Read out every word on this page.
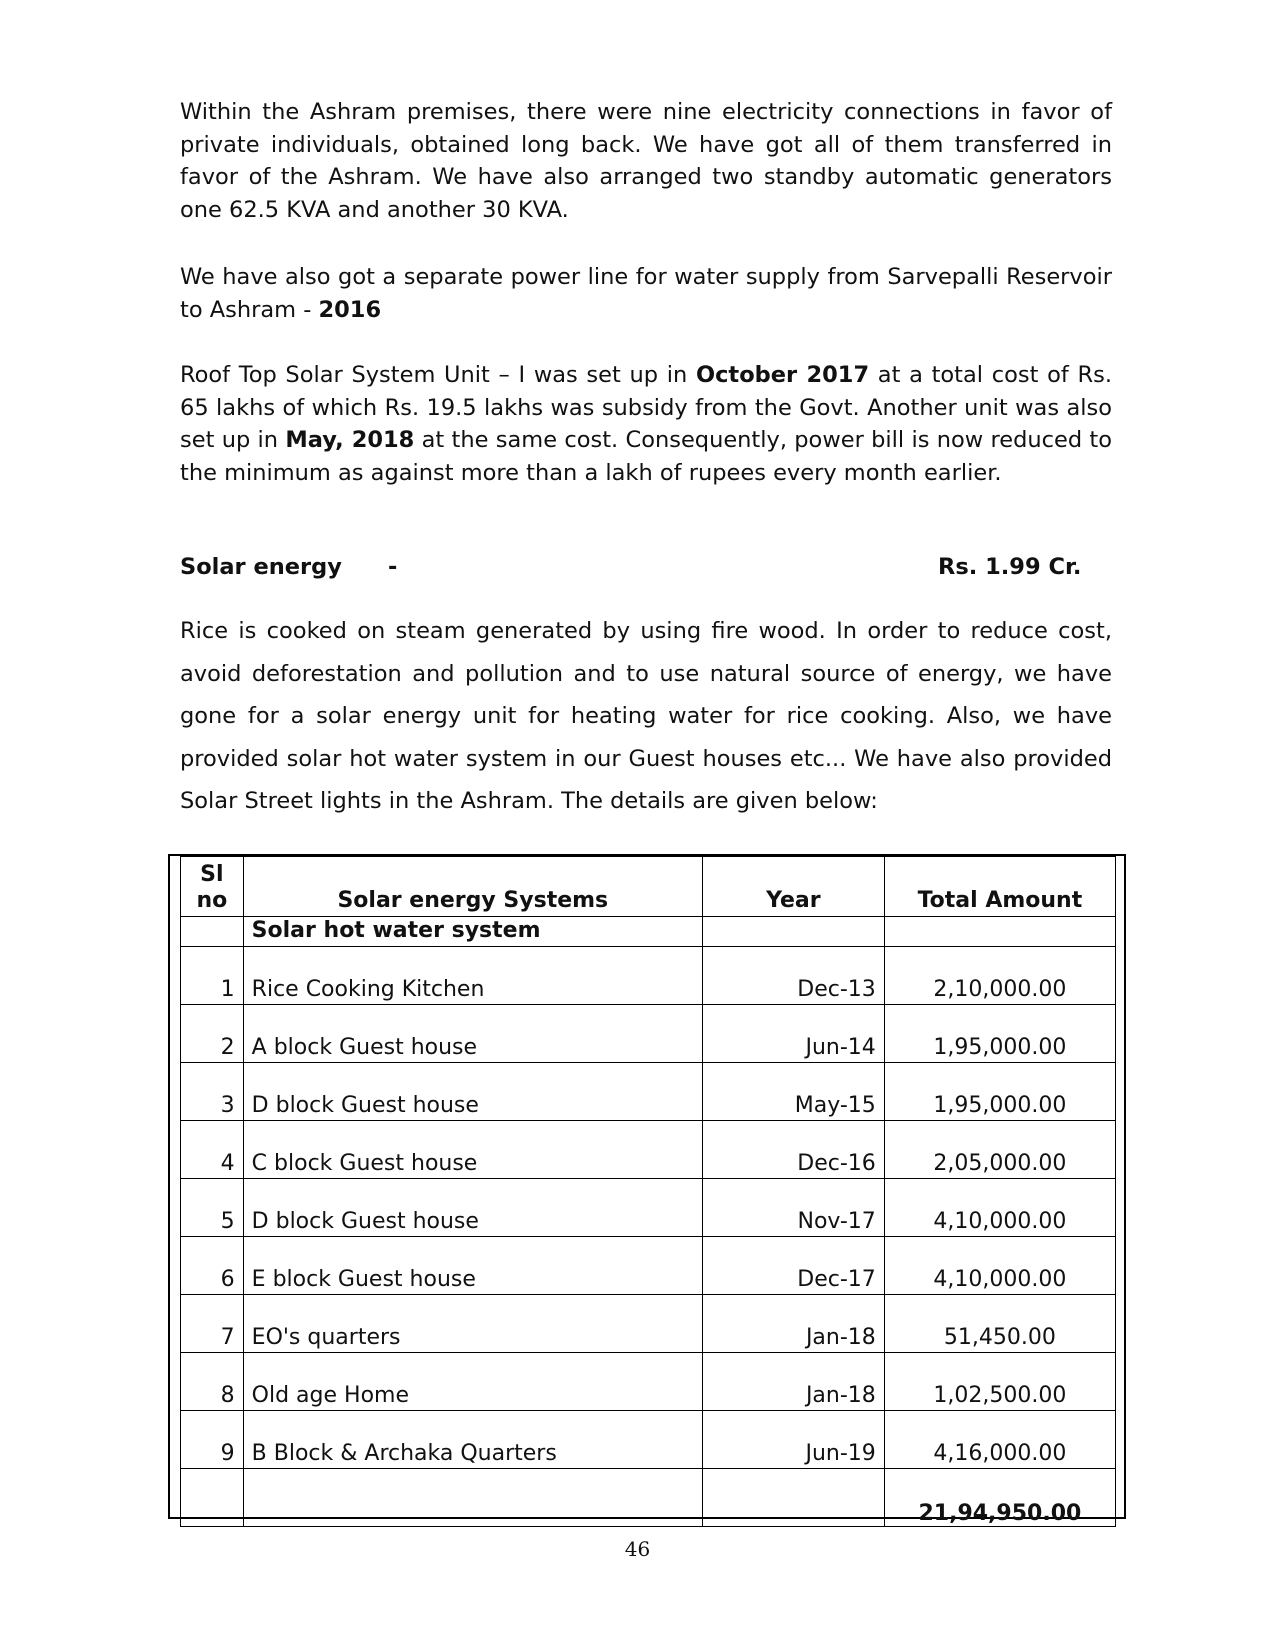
Within the Ashram premises, there were nine electricity connections in favor of private individuals, obtained long back. We have got all of them transferred in favor of the Ashram. We have also arranged two standby automatic generators one 62.5 KVA and another 30 KVA.

We have also got a separate power line for water supply from Sarvepalli Reservoir to Ashram - 2016

Roof Top Solar System Unit – I was set up in October 2017 at a total cost of Rs. 65 lakhs of which Rs. 19.5 lakhs was subsidy from the Govt. Another unit was also set up in May, 2018 at the same cost. Consequently, power bill is now reduced to the minimum as against more than a lakh of rupees every month earlier.

Solar energy -	Rs. 1.99 Cr.

Rice is cooked on steam generated by using fire wood. In order to reduce cost, avoid deforestation and pollution and to use natural source of energy, we have gone for a solar energy unit for heating water for rice cooking. Also, we have provided solar hot water system in our Guest houses etc... We have also provided Solar Street lights in the Ashram. The details are given below:

Sl
no	Solar energy Systems	Year	Total Amount
	Solar hot water system		
1	Rice Cooking Kitchen	Dec-13	2,10,000.00
2	A block Guest house	Jun-14	1,95,000.00
3	D block Guest house	May-15	1,95,000.00
4	C block Guest house	Dec-16	2,05,000.00
5	D block Guest house	Nov-17	4,10,000.00
6	E block Guest house	Dec-17	4,10,000.00
7	EO's quarters	Jan-18	51,450.00
8	Old age Home	Jan-18	1,02,500.00
9	B Block & Archaka Quarters	Jun-19	4,16,000.00
			21,94,950.00
46
